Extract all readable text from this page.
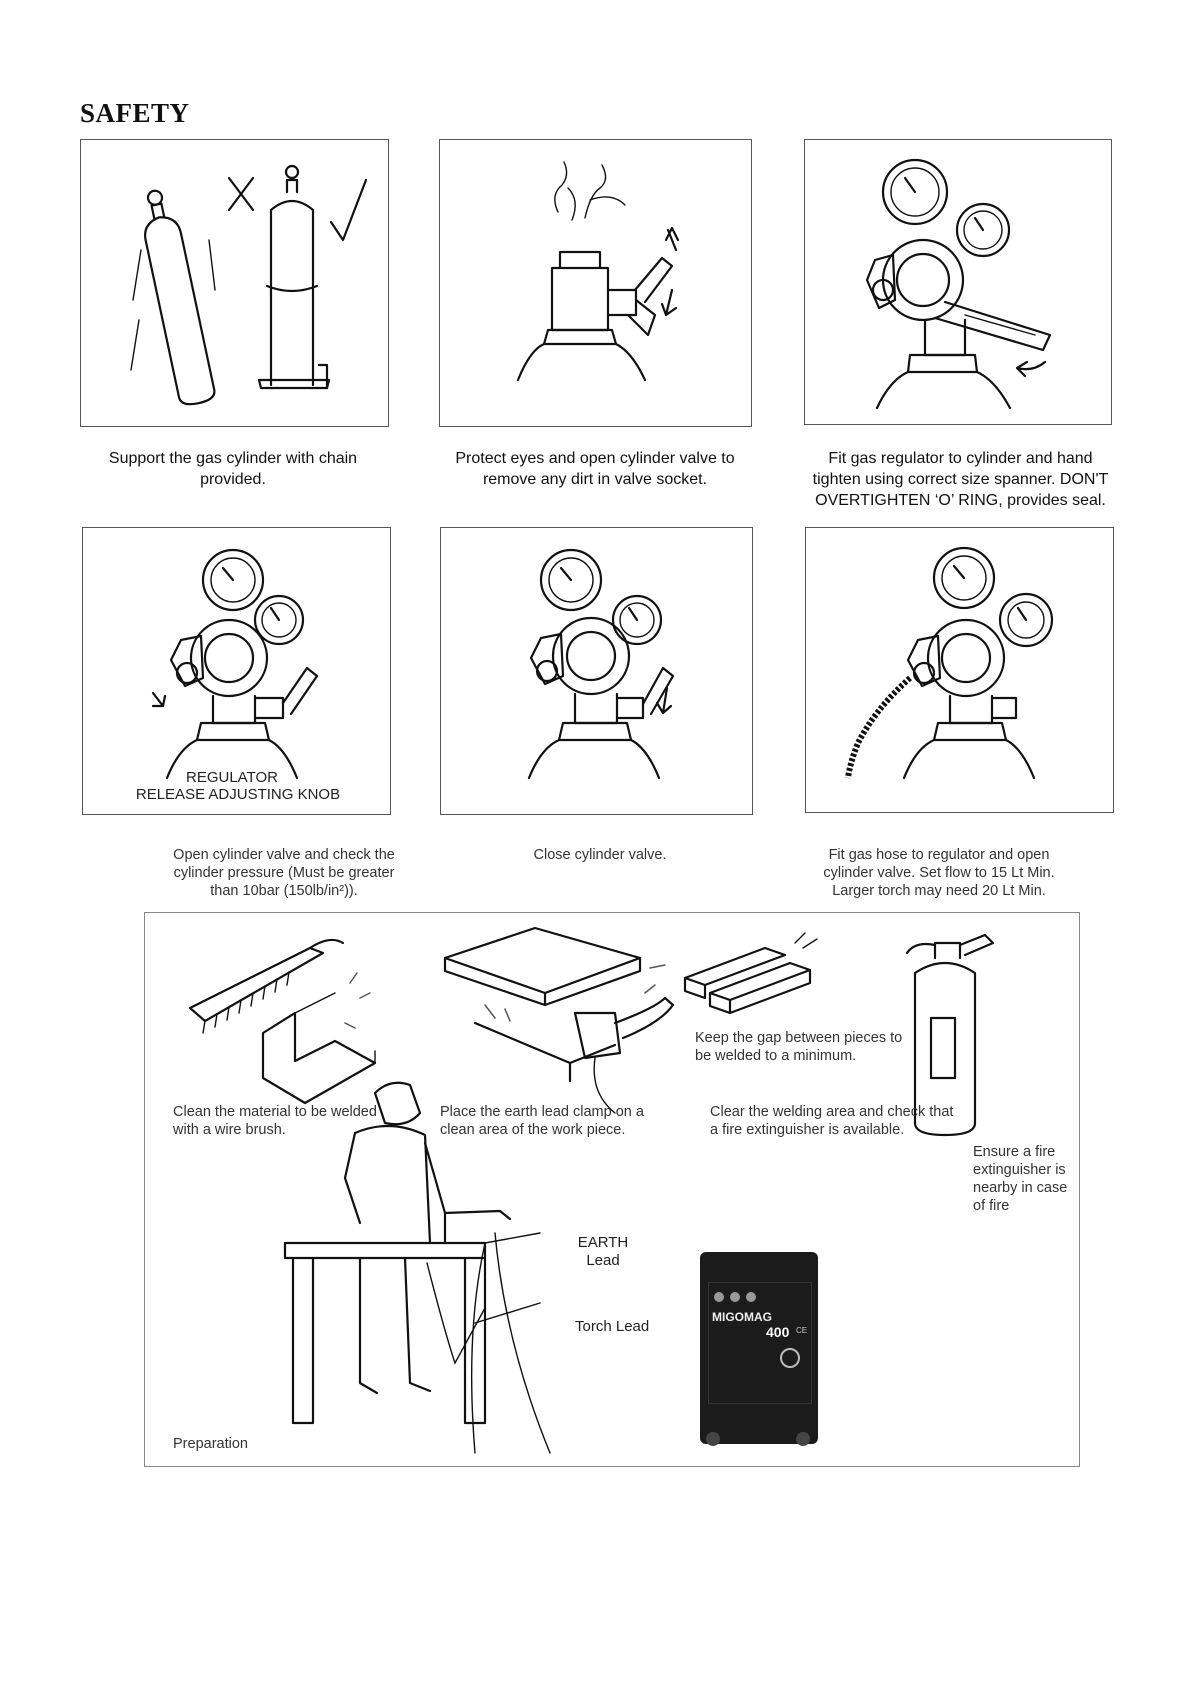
SAFETY
Support the gas cylinder with chain provided.
Protect eyes and open cylinder valve to remove any dirt in valve socket.
Fit gas regulator to cylinder and hand tighten using correct size spanner. DON'T OVERTIGHTEN ‘O’ RING, provides seal.
REGULATOR
RELEASE ADJUSTING KNOB
Open cylinder valve and check the cylinder pressure (Must be greater than 10bar (150lb/in²)).
Close cylinder valve.	Fit gas hose to regulator and open cylinder valve. Set flow to 15 Lt Min. Larger torch may need 20 Lt Min.
Clean the material to be welded with a wire brush.
Place the earth lead clamp on a clean area of the work piece.
Keep the gap between pieces to be welded to a minimum.
Clear the welding area and check that a fire extinguisher is available.
Ensure a fire extinguisher is nearby in case of fire
EARTH
Lead
Torch Lead
Preparation
MIGOMAG
400 CE
